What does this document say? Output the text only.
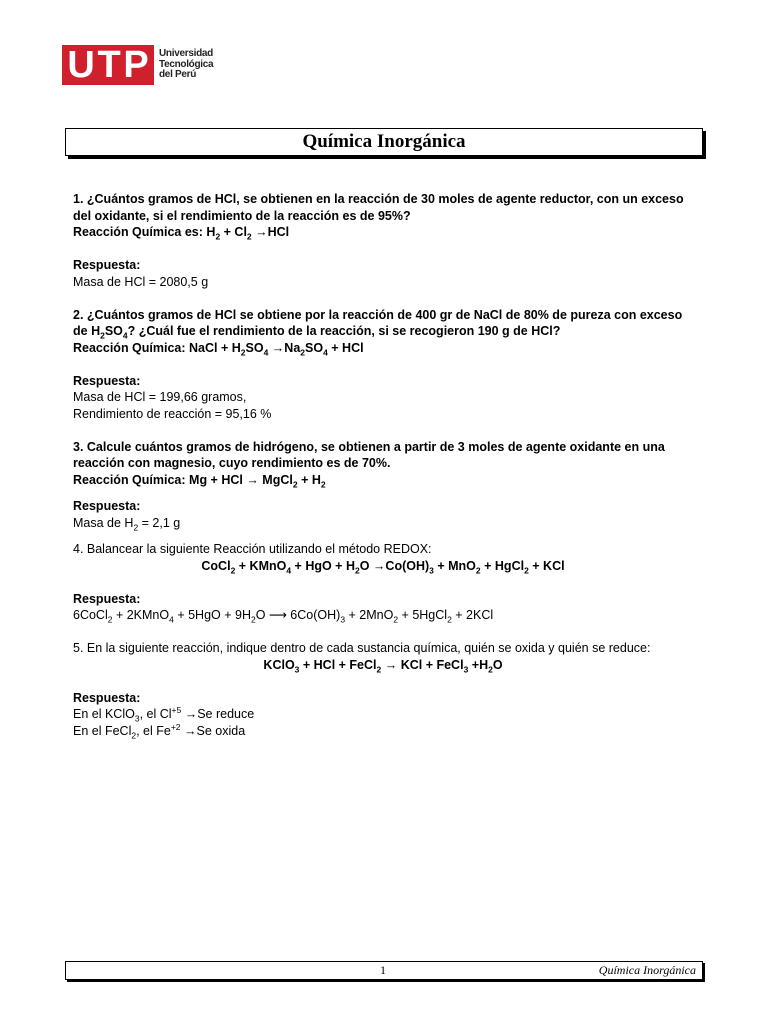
U T P Universidad
Tecnológica
del Perú
Química Inorgánica

1. ¿Cuántos gramos de HCl, se obtienen en la reacción de 30 moles de agente reductor, con un exceso del oxidante, si el rendimiento de la reacción es de 95%?

Reacción Química es: $H_2 + Cl_2 \to HCl$

Respuesta:

Masa de HCl = 2080,5 g

2. ¿Cuántos gramos de HCl se obtiene por la reacción de 400 gr de NaCl de 80% de pureza con exceso de $H_2SO_4$? ¿Cuál fue el rendimiento de la reacción, si se recogieron 190 g de HCl?

Reacción Química: NaCl + $H_2SO_4 \to Na_2SO_4$ + HCl

Respuesta:

Masa de HCl = 199,66 gramos,

Rendimiento de reacción = 95,16 %

3. Calcule cuántos gramos de hidrógeno, se obtienen a partir de 3 moles de agente oxidante en una reacción con magnesio, cuyo rendimiento es de 70%.

Reacción Química: Mg + HCl → MgCl$_2$ + $H_2$

Respuesta:

Masa de $H_2 = 2,1$ g

4. Balancear la siguiente Reacción utilizando el método REDOX:

CoCl$_2$ + KMnO$_4$ + HgO + $H_2O \to Co(OH)_3 + MnO_2$ + HgCl$_2$ + KCl

Respuesta:

6CoCl$_2$ + 2KMnO$_4$ + $5HgO + 9H_2O$ ⟶ $6Co(OH)_3 + 2MnO_2$ + 5HgCl$_2$ + 2KCl

5. En la siguiente reacción, indique dentro de cada sustancia química, quién se oxida y quién se reduce:

KClO$_3$ + HCl + FeCl$_2$ → KCl + FeCl$_3$ $+H_2O$

Respuesta:

En el KClO$_3$, el $Cl^{+5} \to Se$ reduce

En el FeCl$_2$, el $Fe^{+2} \to Se$ oxida

1	Química Inorgánica
